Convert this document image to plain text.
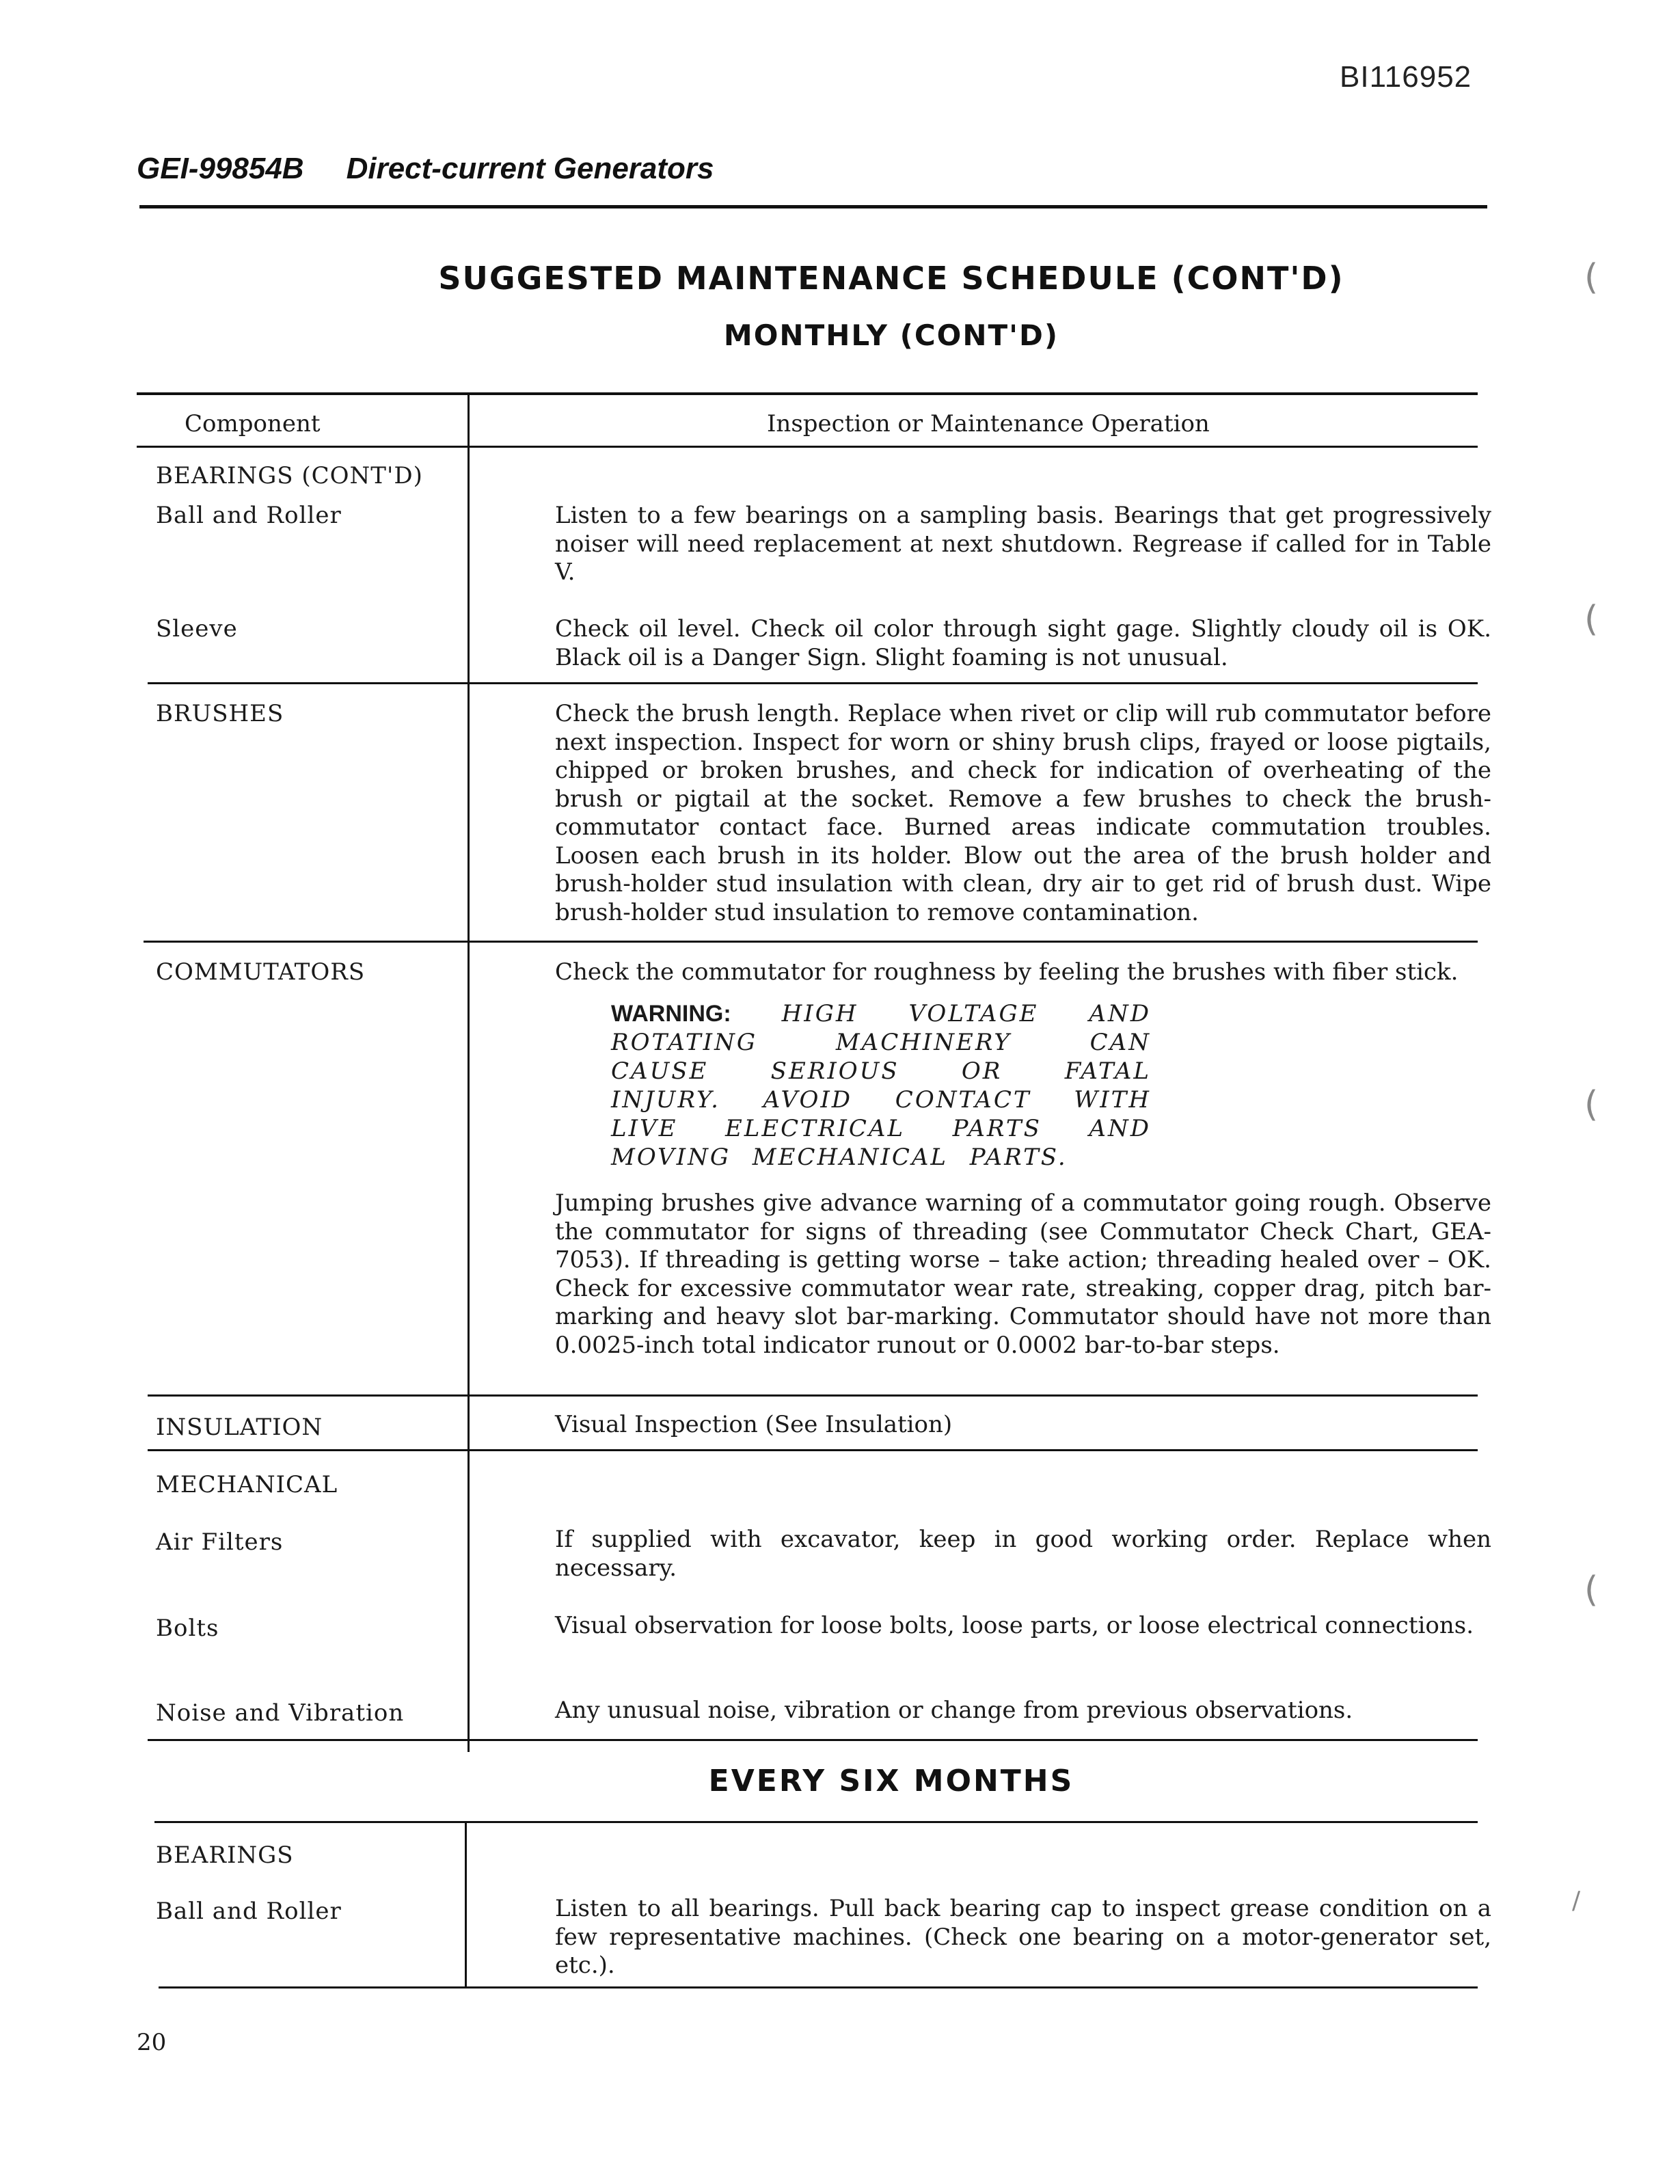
BI116952
GEI-99854B Direct-current Generators
SUGGESTED MAINTENANCE SCHEDULE (CONT'D)
MONTHLY (CONT'D)
Component	Inspection or Maintenance Operation
BEARINGS (CONT'D)
Ball and Roller	Listen to a few bearings on a sampling basis. Bearings that get progressively noiser will need replacement at next shutdown. Regrease if called for in Table V.
Sleeve	Check oil level. Check oil color through sight gage. Slightly cloudy oil is OK. Black oil is a Danger Sign. Slight foaming is not unusual.
BRUSHES	Check the brush length. Replace when rivet or clip will rub commutator before next inspection. Inspect for worn or shiny brush clips, frayed or loose pigtails, chipped or broken brushes, and check for indication of overheating of the brush or pigtail at the socket. Remove a few brushes to check the brush-commutator contact face. Burned areas indicate commutation troubles. Loosen each brush in its holder. Blow out the area of the brush holder and brush-holder stud insulation with clean, dry air to get rid of brush dust. Wipe brush-holder stud insulation to remove contamination.
COMMUTATORS	Check the commutator for roughness by feeling the brushes with fiber stick.
WARNING: HIGH VOLTAGE AND ROTATING MACHINERY CAN CAUSE SERIOUS OR FATAL INJURY. AVOID CONTACT WITH LIVE ELECTRICAL PARTS AND MOVING MECHANICAL PARTS.
Jumping brushes give advance warning of a commutator going rough. Observe the commutator for signs of threading (see Commutator Check Chart, GEA-7053). If threading is getting worse – take action; threading healed over – OK. Check for excessive commutator wear rate, streaking, copper drag, pitch bar-marking and heavy slot bar-marking. Commutator should have not more than 0.0025-inch total indicator runout or 0.0002 bar-to-bar steps.
INSULATION	Visual Inspection (See Insulation)
MECHANICAL
Air Filters	If supplied with excavator, keep in good working order. Replace when necessary.
Bolts	Visual observation for loose bolts, loose parts, or loose electrical connections.
Noise and Vibration	Any unusual noise, vibration or change from previous observations.
EVERY SIX MONTHS
BEARINGS
Ball and Roller	Listen to all bearings. Pull back bearing cap to inspect grease condition on a few representative machines. (Check one bearing on a motor-generator set, etc.).
20
(
(
(
(
/
